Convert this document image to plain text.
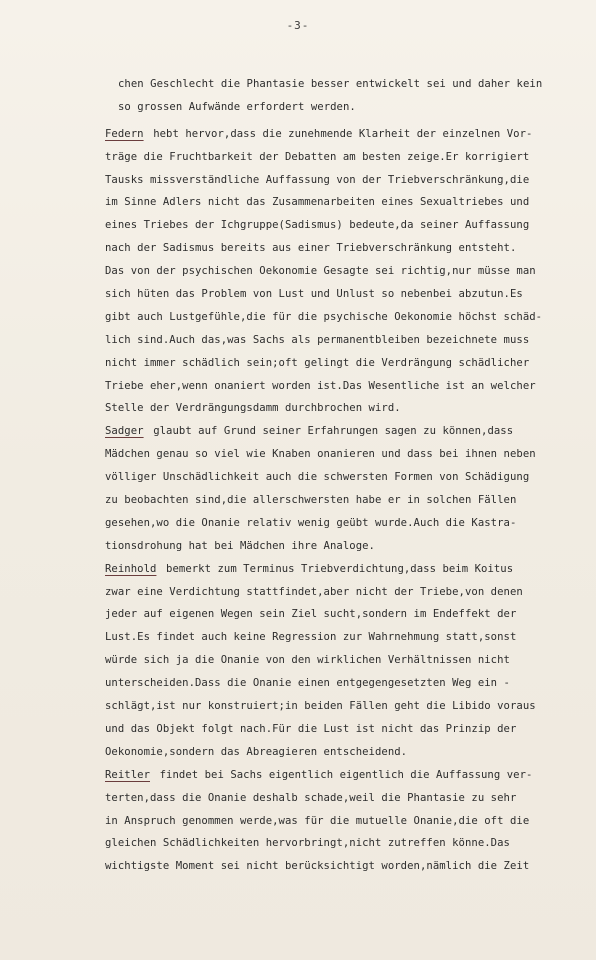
-3-
chen Geschlecht die Phantasie besser entwickelt sei und daher kein
so grossen Aufwände erfordert werden.
Federn hebt hervor,dass die zunehmende Klarheit der einzelnen Vor-
träge die Fruchtbarkeit der Debatten am besten zeige.Er korrigiert
Tausks missverständliche Auffassung von der Triebverschränkung,die
im Sinne Adlers nicht das Zusammenarbeiten eines Sexualtriebes und
eines Triebes der Ichgruppe(Sadismus) bedeute,da seiner Auffassung
nach der Sadismus bereits aus einer Triebverschränkung entsteht.
Das von der psychischen Oekonomie Gesagte sei richtig,nur müsse man
sich hüten das Problem von Lust und Unlust so nebenbei abzutun.Es
gibt auch Lustgefühle,die für die psychische Oekonomie höchst schäd-
lich sind.Auch das,was Sachs als permanentbleiben bezeichnete muss
nicht immer schädlich sein;oft gelingt die Verdrängung schädlicher
Triebe eher,wenn onaniert worden ist.Das Wesentliche ist an welcher
Stelle der Verdrängungsdamm durchbrochen wird.
Sadger glaubt auf Grund seiner Erfahrungen sagen zu können,dass
Mädchen genau so viel wie Knaben onanieren und dass bei ihnen neben
völliger Unschädlichkeit auch die schwersten Formen von Schädigung
zu beobachten sind,die allerschwersten habe er in solchen Fällen
gesehen,wo die Onanie relativ wenig geübt wurde.Auch die Kastra-
tionsdrohung hat bei Mädchen ihre Analoge.
Reinhold bemerkt zum Terminus Triebverdichtung,dass beim Koitus
zwar eine Verdichtung stattfindet,aber nicht der Triebe,von denen
jeder auf eigenen Wegen sein Ziel sucht,sondern im Endeffekt der
Lust.Es findet auch keine Regression zur Wahrnehmung statt,sonst
würde sich ja die Onanie von den wirklichen Verhältnissen nicht
unterscheiden.Dass die Onanie einen entgegengesetzten Weg ein -
schlägt,ist nur konstruiert;in beiden Fällen geht die Libido voraus
und das Objekt folgt nach.Für die Lust ist nicht das Prinzip der
Oekonomie,sondern das Abreagieren entscheidend.
Reitler findet bei Sachs eigentlich eigentlich die Auffassung ver-
terten,dass die Onanie deshalb schade,weil die Phantasie zu sehr
in Anspruch genommen werde,was für die mutuelle Onanie,die oft die
gleichen Schädlichkeiten hervorbringt,nicht zutreffen könne.Das
wichtigste Moment sei nicht berücksichtigt worden,nämlich die Zeit
